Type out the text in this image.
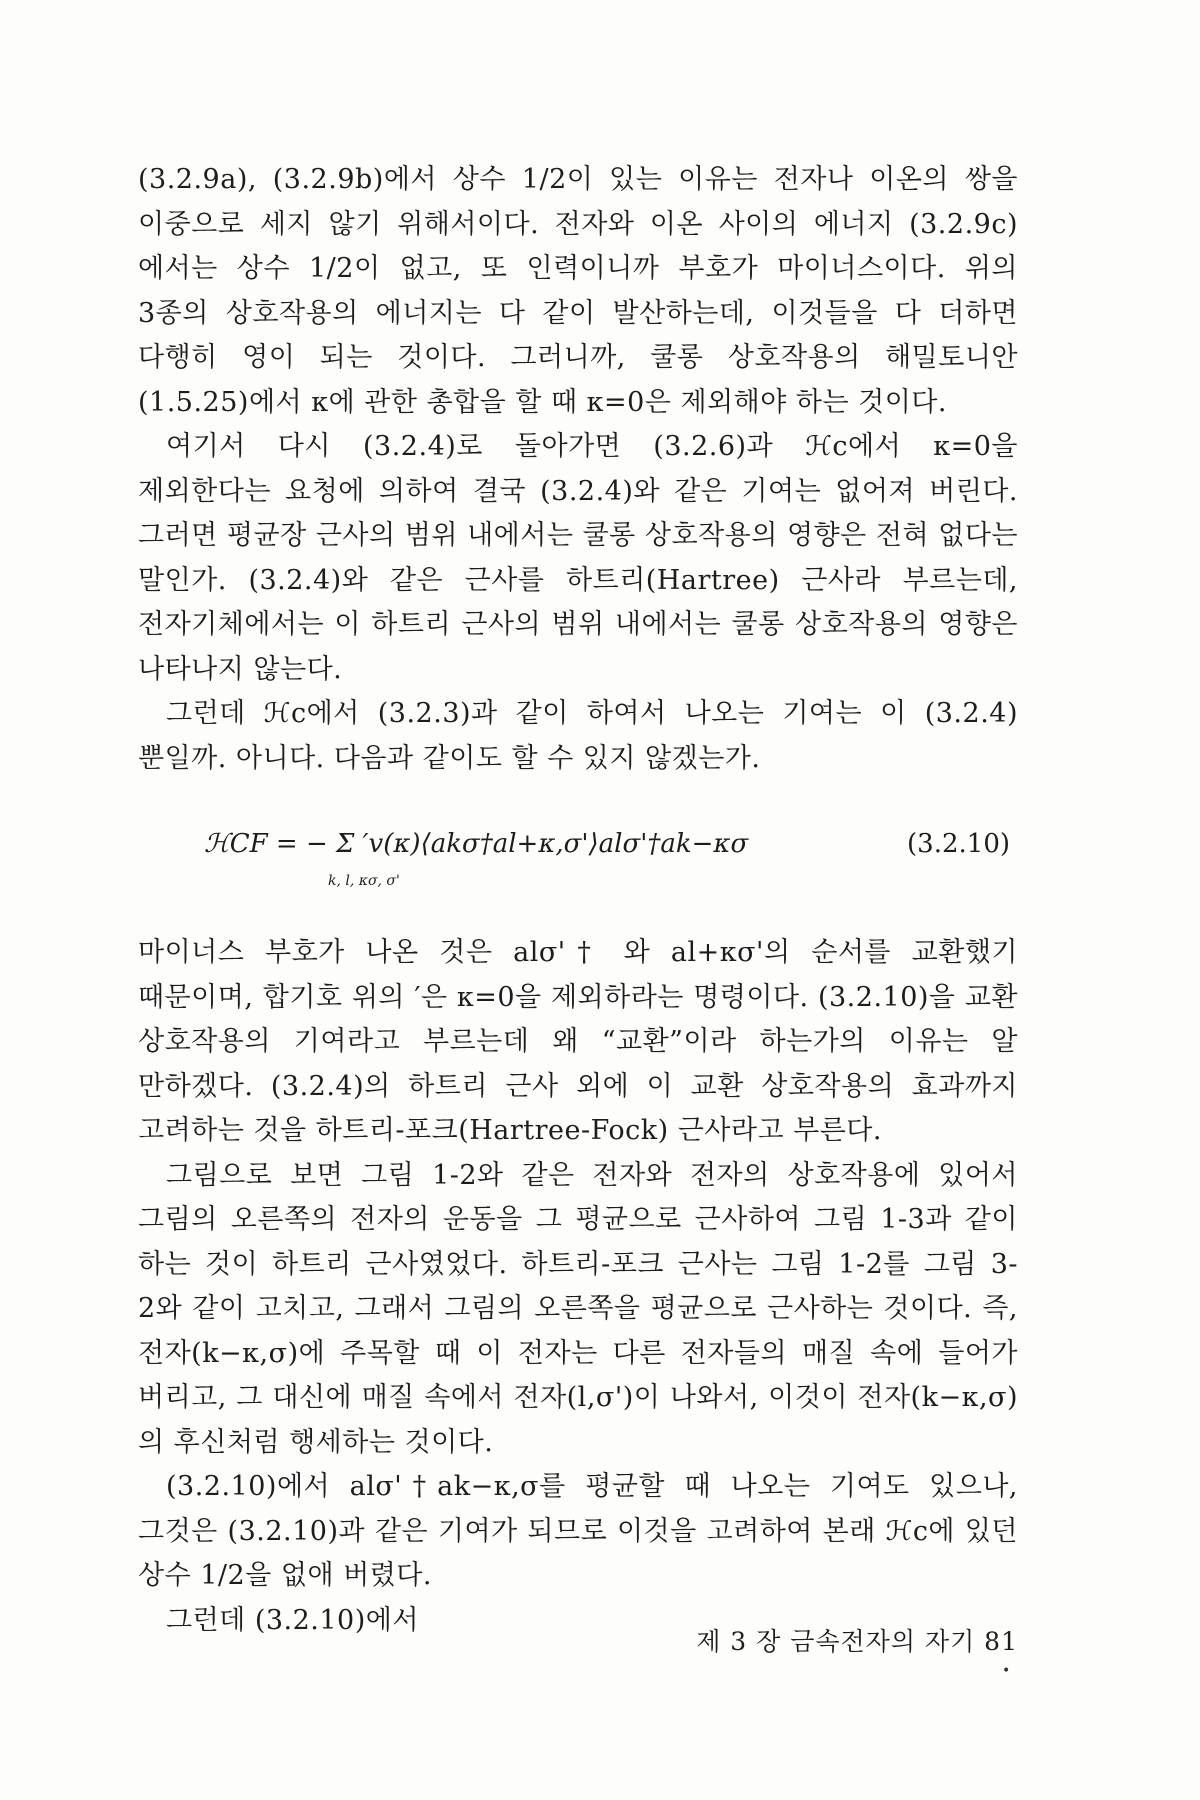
(3.2.9a), (3.2.9b)에서 상수 1/2이 있는 이유는 전자나 이온의 쌍을 이중으로 세지 않기 위해서이다. 전자와 이온 사이의 에너지 (3.2.9c)에서는 상수 1/2이 없고, 또 인력이니까 부호가 마이너스이다. 위의 3종의 상호작용의 에너지는 다 같이 발산하는데, 이것들을 다 더하면 다행히 영이 되는 것이다. 그러니까, 쿨롱 상호작용의 해밀토니안 (1.5.25)에서 κ에 관한 총합을 할 때 κ=0은 제외해야 하는 것이다.

여기서 다시 (3.2.4)로 돌아가면 (3.2.6)과 ℋc에서 κ=0을 제외한다는 요청에 의하여 결국 (3.2.4)와 같은 기여는 없어져 버린다. 그러면 평균장 근사의 범위 내에서는 쿨롱 상호작용의 영향은 전혀 없다는 말인가. (3.2.4)와 같은 근사를 하트리(Hartree) 근사라 부르는데, 전자기체에서는 이 하트리 근사의 범위 내에서는 쿨롱 상호작용의 영향은 나타나지 않는다.

그런데 ℋc에서 (3.2.3)과 같이 하여서 나오는 기여는 이 (3.2.4)뿐일까. 아니다. 다음과 같이도 할 수 있지 않겠는가.

ℋCF = − Σ ′v(κ)⟨akσ†al+κ,σ'⟩alσ'†ak−κσ
k, l, κσ, σ'
(3.2.10)

마이너스 부호가 나온 것은 alσ'† 와 al+κσ'의 순서를 교환했기 때문이며, 합기호 위의 ′은 κ=0을 제외하라는 명령이다. (3.2.10)을 교환 상호작용의 기여라고 부르는데 왜 “교환”이라 하는가의 이유는 알 만하겠다. (3.2.4)의 하트리 근사 외에 이 교환 상호작용의 효과까지 고려하는 것을 하트리-포크(Hartree-Fock) 근사라고 부른다.

그림으로 보면 그림 1-2와 같은 전자와 전자의 상호작용에 있어서 그림의 오른쪽의 전자의 운동을 그 평균으로 근사하여 그림 1-3과 같이 하는 것이 하트리 근사였었다. 하트리-포크 근사는 그림 1-2를 그림 3-2와 같이 고치고, 그래서 그림의 오른쪽을 평균으로 근사하는 것이다. 즉, 전자(k−κ,σ)에 주목할 때 이 전자는 다른 전자들의 매질 속에 들어가 버리고, 그 대신에 매질 속에서 전자(l,σ')이 나와서, 이것이 전자(k−κ,σ)의 후신처럼 행세하는 것이다.

(3.2.10)에서 alσ'†ak−κ,σ를 평균할 때 나오는 기여도 있으나, 그것은 (3.2.10)과 같은 기여가 되므로 이것을 고려하여 본래 ℋc에 있던 상수 1/2을 없애 버렸다.

그런데 (3.2.10)에서

제 3 장 금속전자의 자기 81
•
